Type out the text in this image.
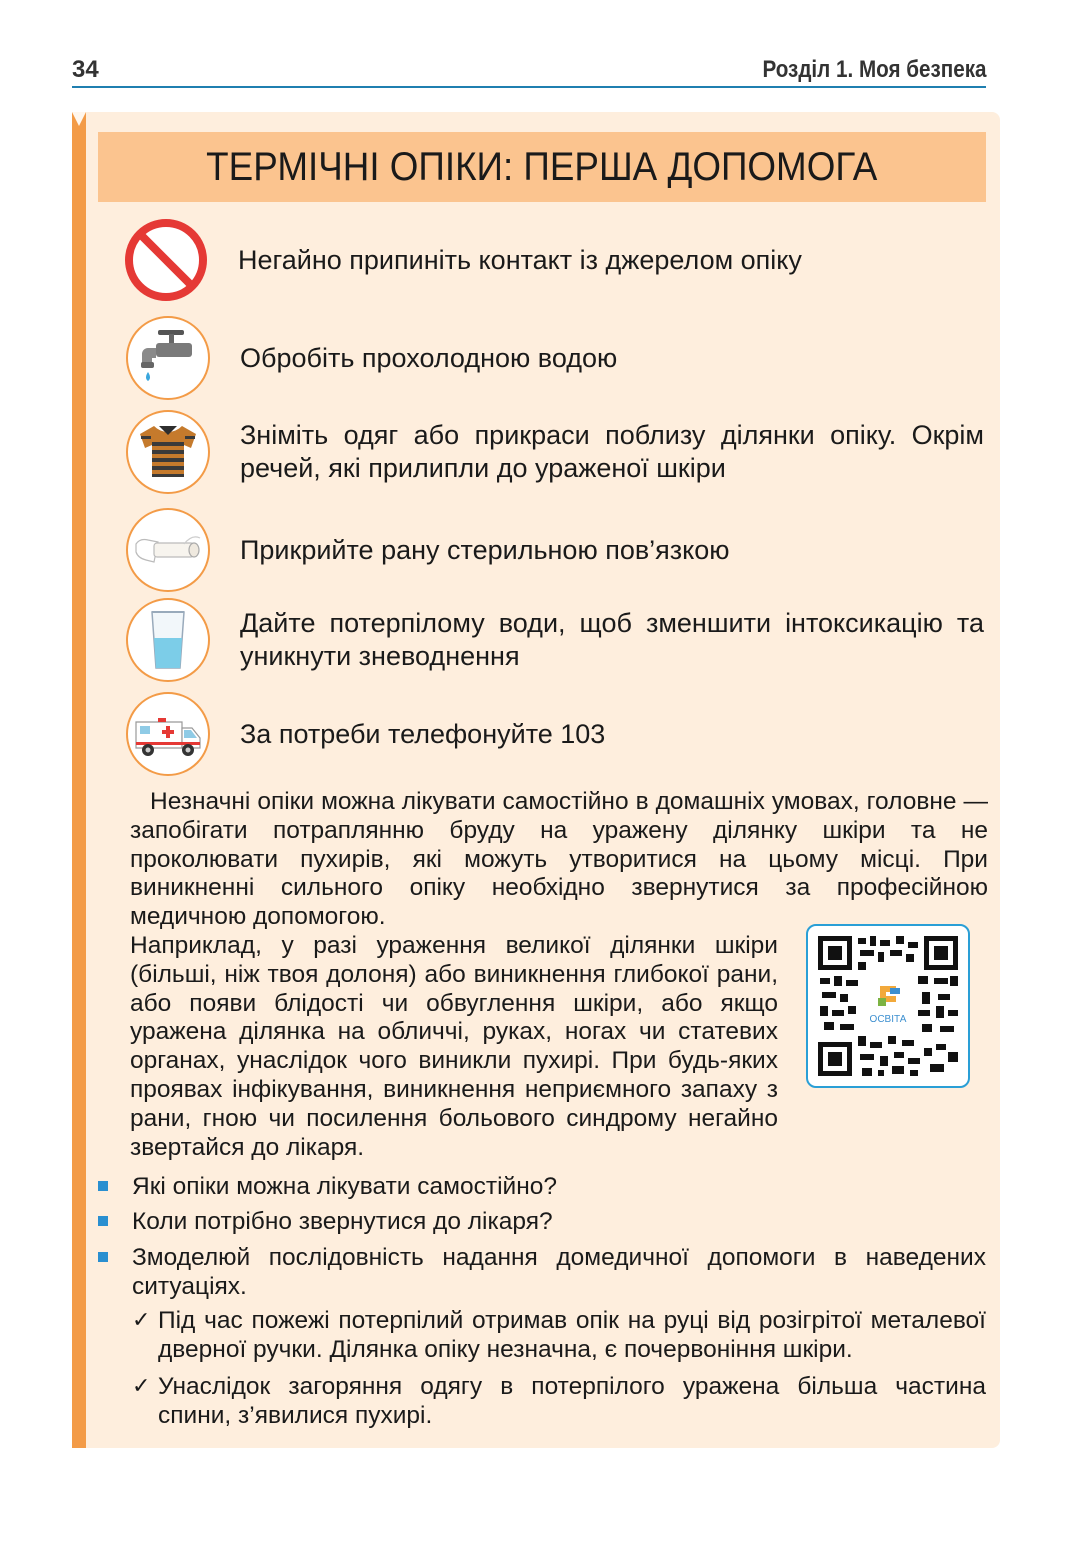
34	Розділ 1. Моя безпека
ТЕРМІЧНІ ОПІКИ: ПЕРША ДОПОМОГА
Негайно припиніть контакт із джерелом опіку
Обробіть прохолодною водою
Зніміть одяг або прикраси поблизу ділянки опіку. Окрім речей, які прилипли до ураженої шкіри
Прикрийте рану стерильною пов’язкою
Дайте потерпілому води, щоб зменшити інтоксикацію та уникнути зневоднення
За потреби телефонуйте 103
Незначні опіки можна лікувати самостійно в домашніх умовах, головне — запобігати потраплянню бруду на уражену ділянку шкіри та не проколювати пухирів, які можуть утворитися на цьому місці. При виникненні сильного опіку необхідно звернутися за професійною медичною допомогою.
Наприклад, у разі ураження великої ділянки шкіри (більші, ніж твоя долоня) або виникнення глибокої рани, або появи блідості чи обвуглення шкіри, або якщо уражена ділянка на обличчі, руках, ногах чи статевих органах, унаслідок чого виникли пухирі. При будь-яких проявах інфікування, виникнення неприємного запаху з рани, гною чи посилення больового синдрому негайно звертайся до лікаря.
ОСВІТА
Які опіки можна лікувати самостійно?
Коли потрібно звернутися до лікаря?
Змоделюй послідовність надання домедичної допомоги в наведених ситуаціях.
✓ Під час пожежі потерпілий отримав опік на руці від розігрітої металевої дверної ручки. Ділянка опіку незначна, є почервоніння шкіри.
✓ Унаслідок загоряння одягу в потерпілого уражена більша частина спини, з’явилися пухирі.
